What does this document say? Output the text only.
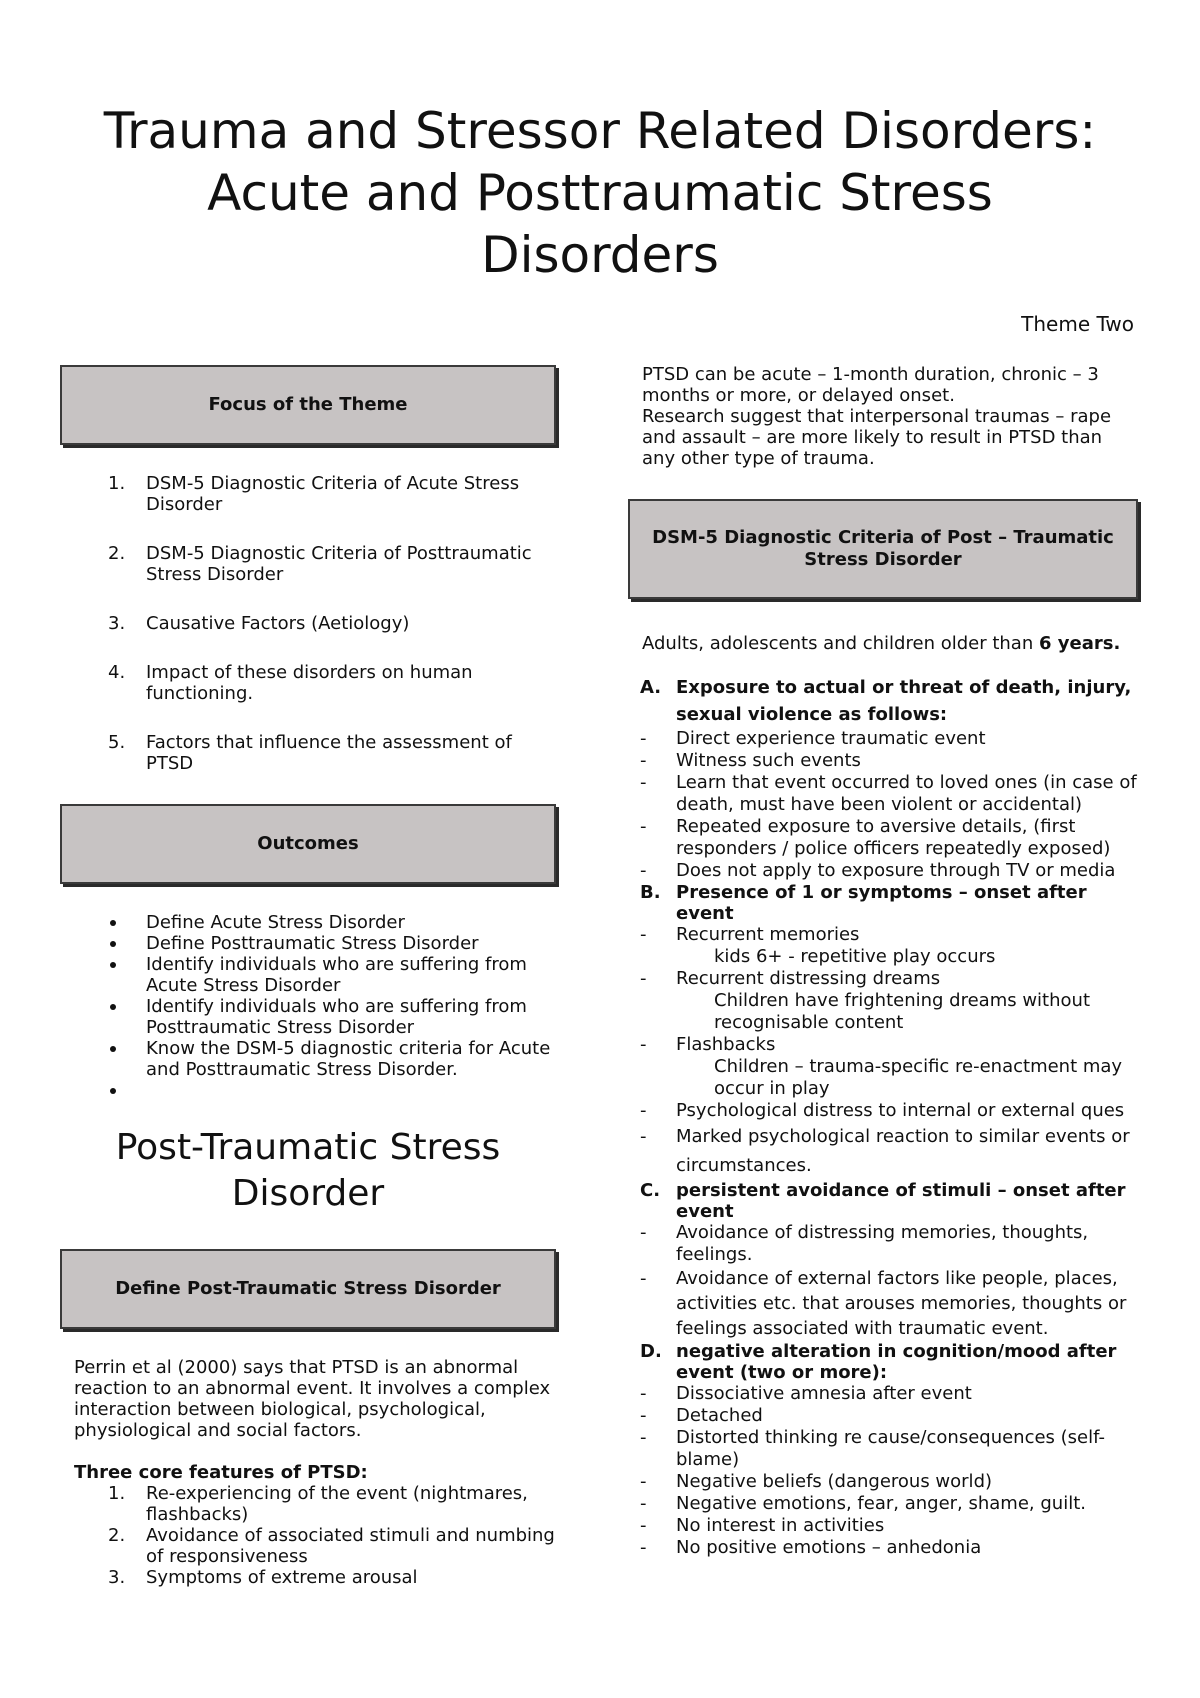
Trauma and Stressor Related Disorders:
Acute and Posttraumatic Stress
Disorders
Theme Two
Focus of the Theme
1. DSM-5 Diagnostic Criteria of Acute Stress Disorder
2. DSM-5 Diagnostic Criteria of Posttraumatic Stress Disorder
3. Causative Factors (Aetiology)
4. Impact of these disorders on human functioning.
5. Factors that influence the assessment of PTSD
Outcomes
Define Acute Stress Disorder
Define Posttraumatic Stress Disorder
Identify individuals who are suffering from Acute Stress Disorder
Identify individuals who are suffering from Posttraumatic Stress Disorder
Know the DSM-5 diagnostic criteria for Acute and Posttraumatic Stress Disorder.
Post-Traumatic Stress
Disorder
Define Post-Traumatic Stress Disorder

Perrin et al (2000) says that PTSD is an abnormal reaction to an abnormal event. It involves a complex interaction between biological, psychological, physiological and social factors.

Three core features of PTSD:

1. Re-experiencing of the event (nightmares, flashbacks)
2. Avoidance of associated stimuli and numbing of responsiveness
3. Symptoms of extreme arousal

PTSD can be acute – 1-month duration, chronic – 3 months or more, or delayed onset.

Research suggest that interpersonal traumas – rape and assault – are more likely to result in PTSD than any other type of trauma.

DSM-5 Diagnostic Criteria of Post – Traumatic Stress Disorder

Adults, adolescents and children older than 6 years.

A. Exposure to actual or threat of death, injury, sexual violence as follows:
- Direct experience traumatic event
- Witness such events
- Learn that event occurred to loved ones (in case of death, must have been violent or accidental)
- Repeated exposure to aversive details, (first responders / police officers repeatedly exposed)
- Does not apply to exposure through TV or media
B. Presence of 1 or symptoms – onset after event
- Recurrent memories
kids 6+ - repetitive play occurs
- Recurrent distressing dreams
Children have frightening dreams without recognisable content
- Flashbacks
Children – trauma-specific re-enactment may occur in play
- Psychological distress to internal or external ques
- Marked psychological reaction to similar events or circumstances.
C. persistent avoidance of stimuli – onset after event
- Avoidance of distressing memories, thoughts, feelings.
- Avoidance of external factors like people, places, activities etc. that arouses memories, thoughts or feelings associated with traumatic event.
D. negative alteration in cognition/mood after event (two or more):
- Dissociative amnesia after event
- Detached
- Distorted thinking re cause/consequences (self-blame)
- Negative beliefs (dangerous world)
- Negative emotions, fear, anger, shame, guilt.
- No interest in activities
- No positive emotions – anhedonia
